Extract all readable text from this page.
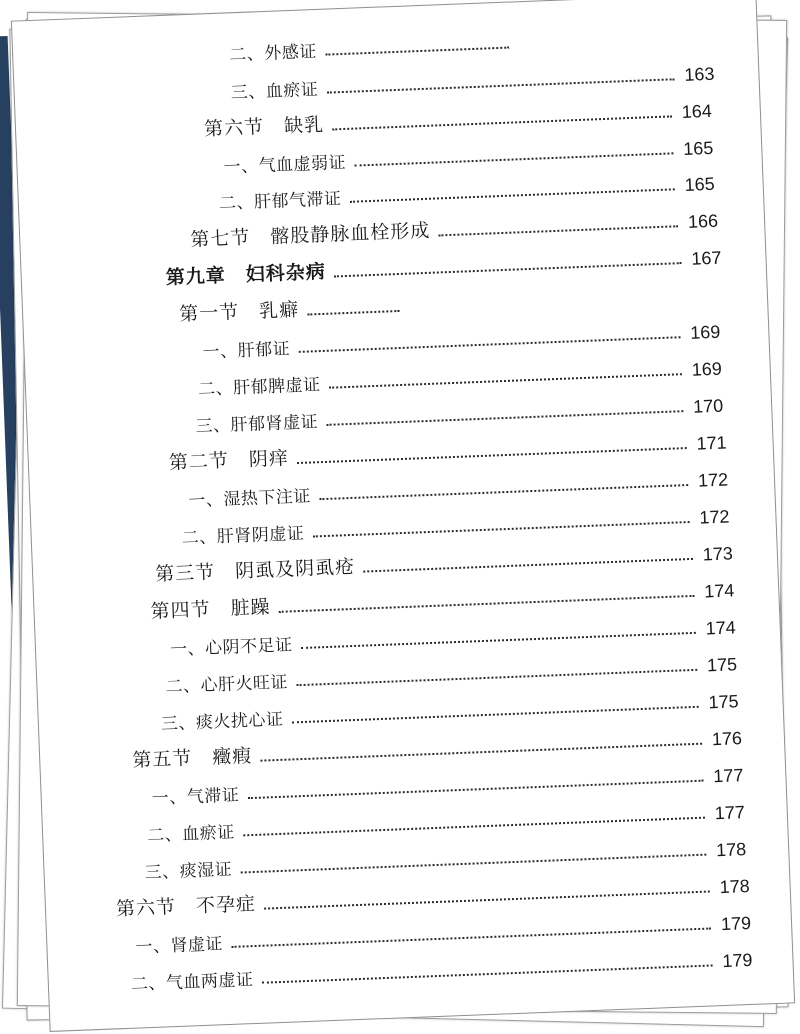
二、外感证
三、血瘀证
163
第六节　缺乳
164
一、气血虚弱证
165
二、肝郁气滞证
165
第七节　髂股静脉血栓形成	166
第九章　妇科杂病
167
第一节　乳癖
一、肝郁证
169
二、肝郁脾虚证
169
三、肝郁肾虚证
170
第二节　阴痒
171
一、湿热下注证
172
二、肝肾阴虚证
172
第三节　阴虱及阴虱疮
173
第四节　脏躁
174
一、心阴不足证
174
二、心肝火旺证
175
三、痰火扰心证
175
第五节　癥瘕
176
一、气滞证
177
二、血瘀证
177
三、痰湿证
178
第六节　不孕症
178
一、肾虚证
179
二、气血两虚证
179
